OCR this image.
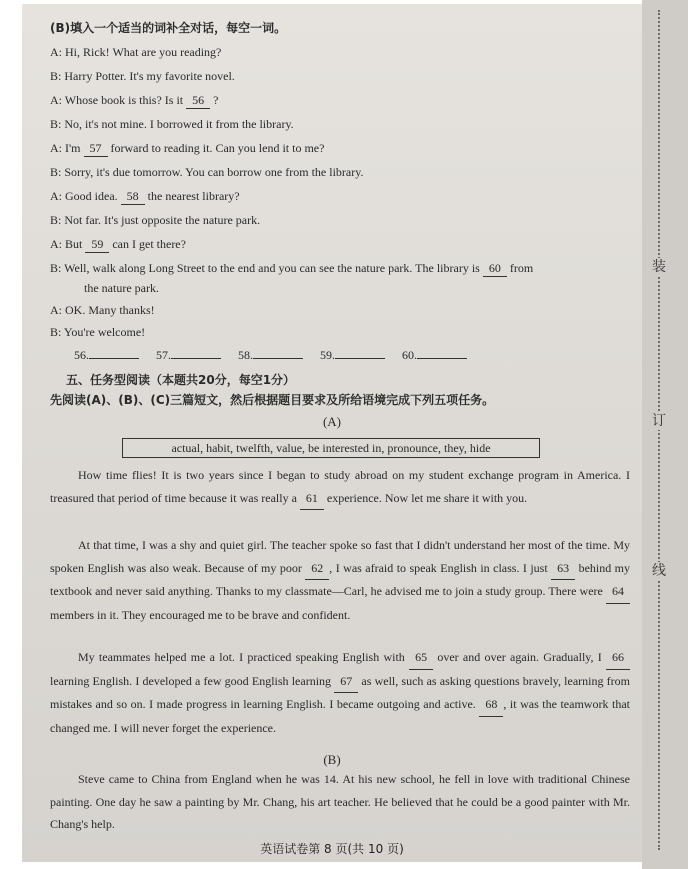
装
订
线
(B)填入一个适当的词补全对话，每空一词。
A: Hi, Rick! What are you reading?
B: Harry Potter. It's my favorite novel.
A: Whose book is this? Is it 56 ?
B: No, it's not mine. I borrowed it from the library.
A: I'm 57 forward to reading it. Can you lend it to me?
B: Sorry, it's due tomorrow. You can borrow one from the library.
A: Good idea. 58 the nearest library?
B: Not far. It's just opposite the nature park.
A: But 59 can I get there?
B: Well, walk along Long Street to the end and you can see the nature park. The library is 60 from
the nature park.
A: OK. Many thanks!
B: You're welcome!
56.	57.	58.	59.	60.
五、任务型阅读（本题共20分，每空1分）
先阅读(A)、(B)、(C)三篇短文，然后根据题目要求及所给语境完成下列五项任务。
(A)
actual, habit, twelfth, value, be interested in, pronounce, they, hide
How time flies! It is two years since I began to study abroad on my student exchange program in America. I treasured that period of time because it was really a 61 experience. Now let me share it with you.
At that time, I was a shy and quiet girl. The teacher spoke so fast that I didn't understand her most of the time. My spoken English was also weak. Because of my poor 62 , I was afraid to speak English in class. I just 63 behind my textbook and never said anything. Thanks to my classmate—Carl, he advised me to join a study group. There were 64 members in it. They encouraged me to be brave and confident.
My teammates helped me a lot. I practiced speaking English with 65 over and over again. Gradually, I 66 learning English. I developed a few good English learning 67 as well, such as asking questions bravely, learning from mistakes and so on. I made progress in learning English. I became outgoing and active. 68 , it was the teamwork that changed me. I will never forget the experience.
(B)
Steve came to China from England when he was 14. At his new school, he fell in love with traditional Chinese painting. One day he saw a painting by Mr. Chang, his art teacher. He believed that he could be a good painter with Mr. Chang's help.
英语试卷第 8 页(共 10 页)
